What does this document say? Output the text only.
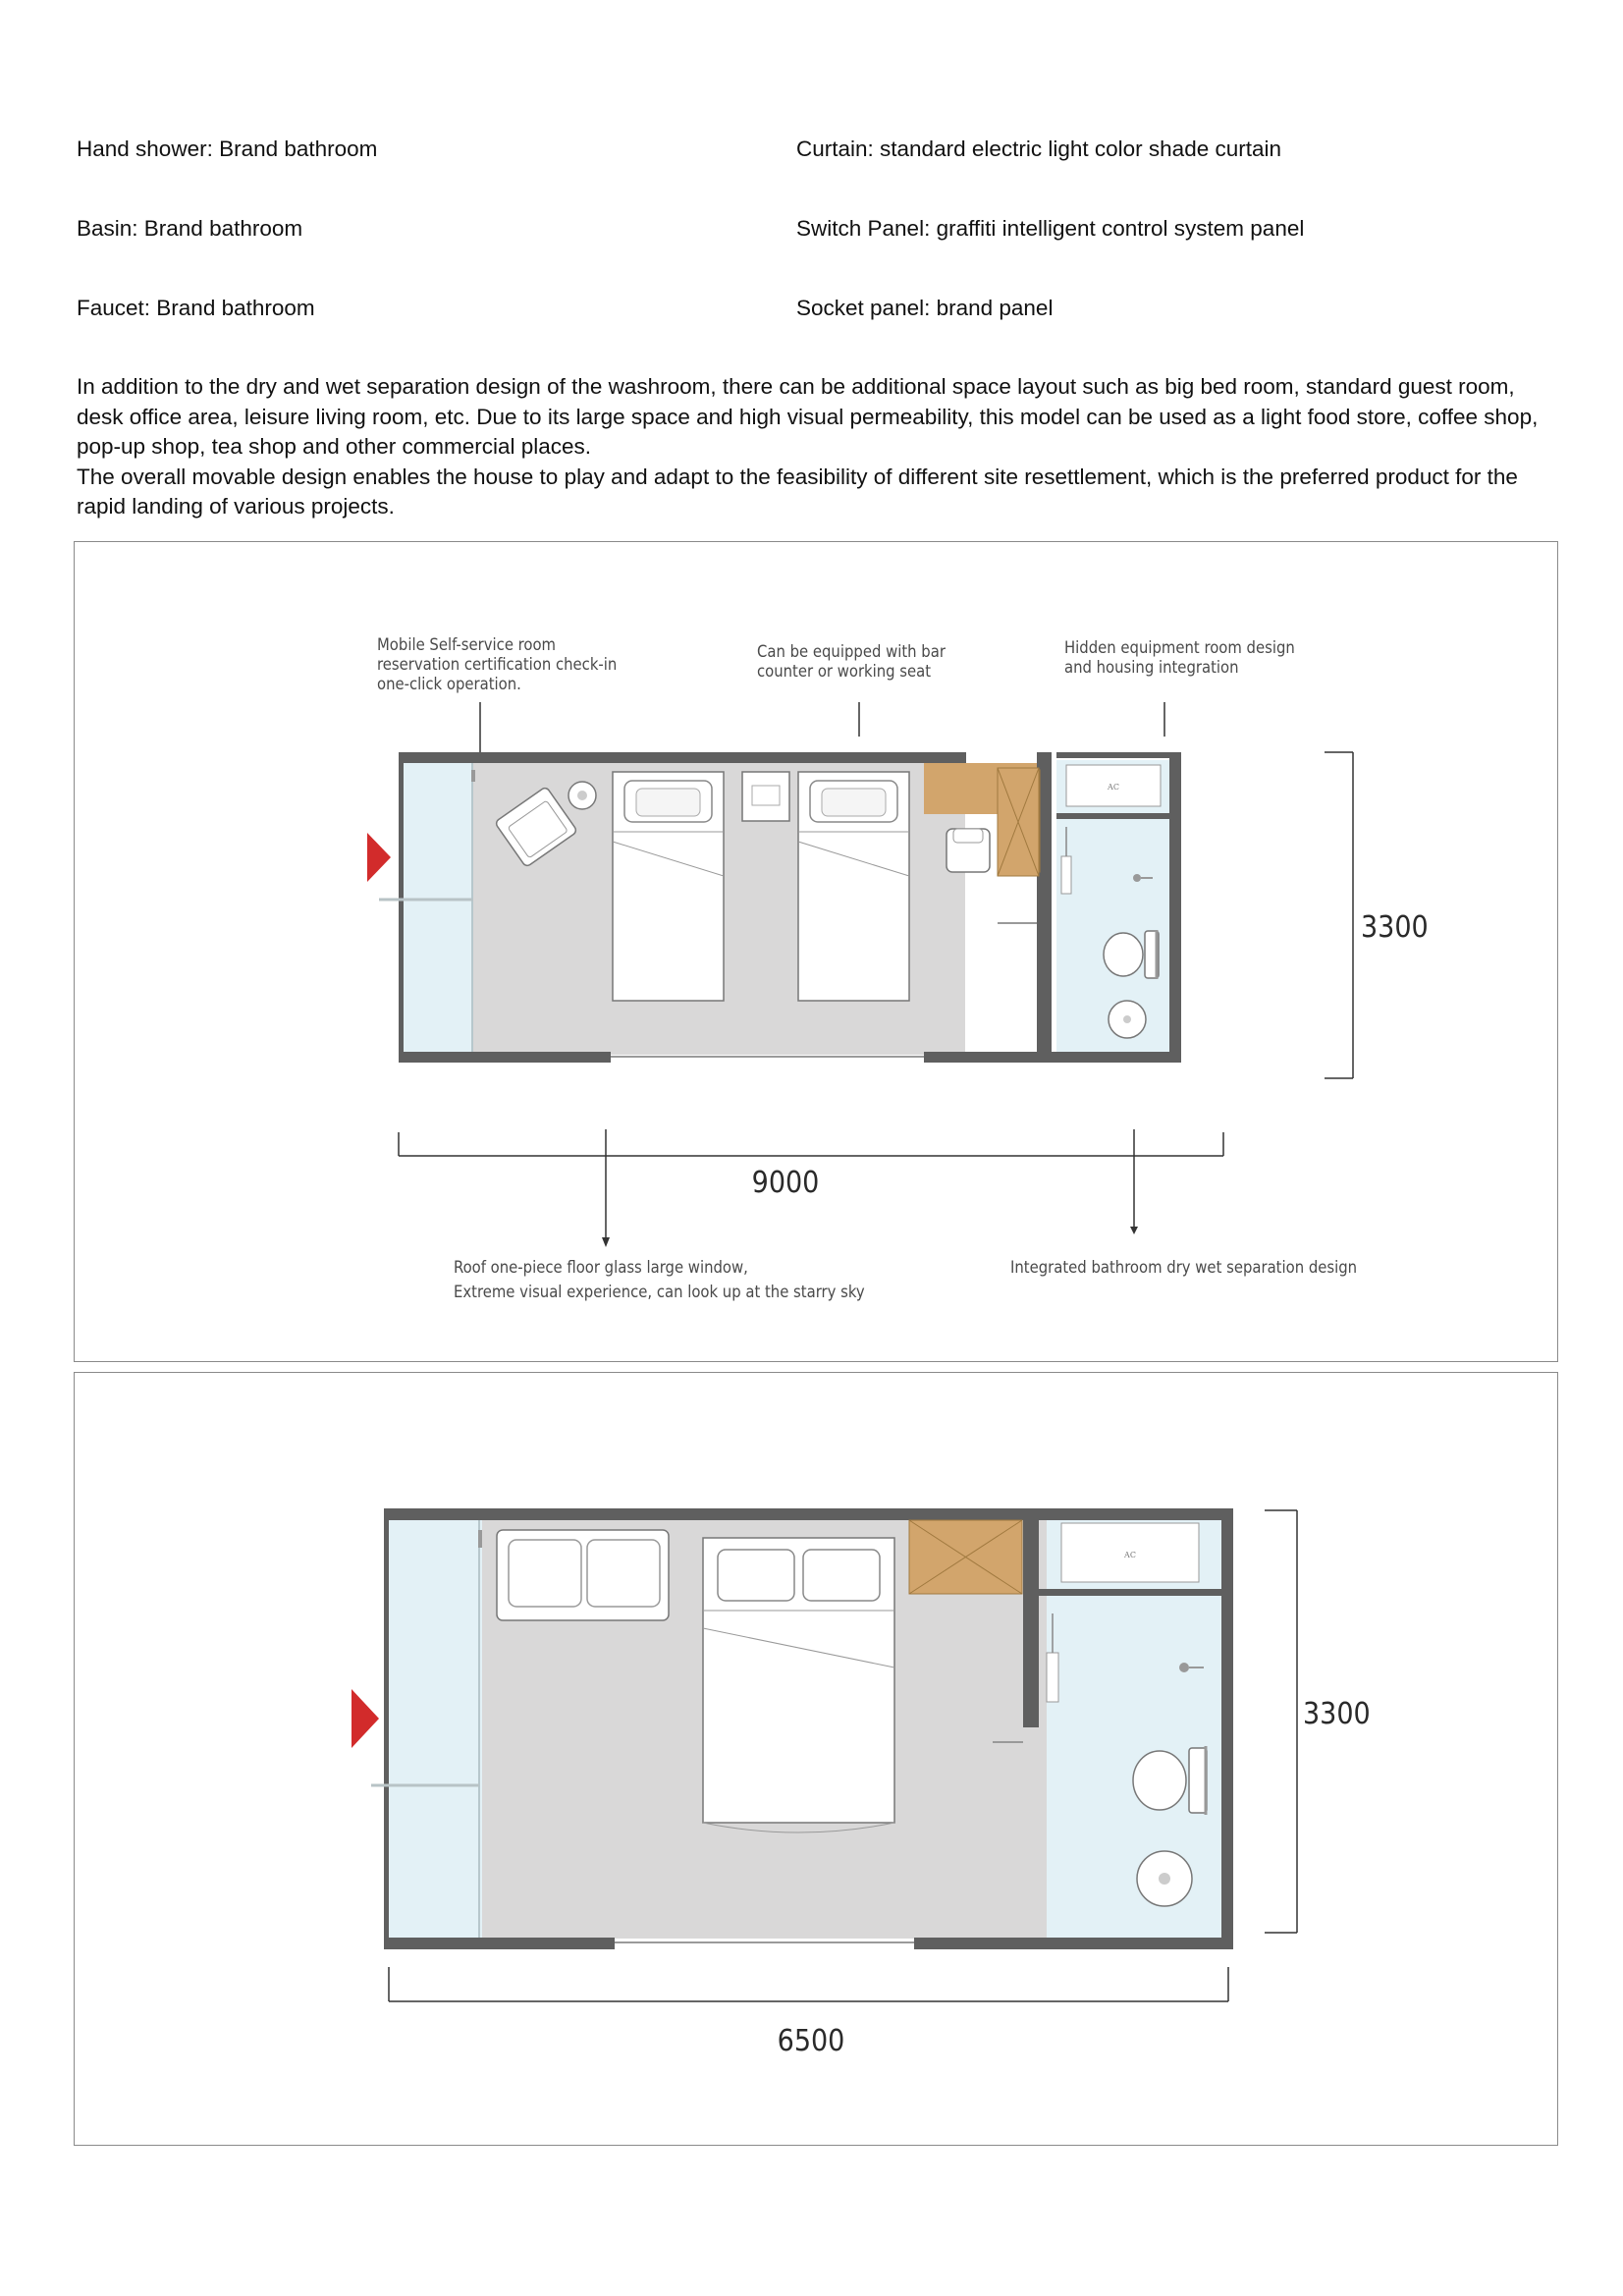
Hand shower: Brand bathroom	Curtain: standard electric light color shade curtain
Basin: Brand bathroom	Switch Panel: graffiti intelligent control system panel
Faucet: Brand bathroom	Socket panel: brand panel

In addition to the dry and wet separation design of the washroom, there can be additional space layout such as big bed room, standard guest room, desk office area, leisure living room, etc. Due to its large space and high visual permeability, this model can be used as a light food store, coffee shop, pop-up shop, tea shop and other commercial places.

The overall movable design enables the house to play and adapt to the feasibility of different site resettlement, which is the preferred product for the rapid landing of various projects.

Mobile Self-service room reservation certification check-in one-click operation.
Can be equipped with bar counter or working seat
Hidden equipment room design and housing integration
AC
3300
9000
Roof one-piece floor glass large window, Extreme visual experience, can look up at the starry sky
Integrated bathroom dry wet separation design
AC
3300
6500
